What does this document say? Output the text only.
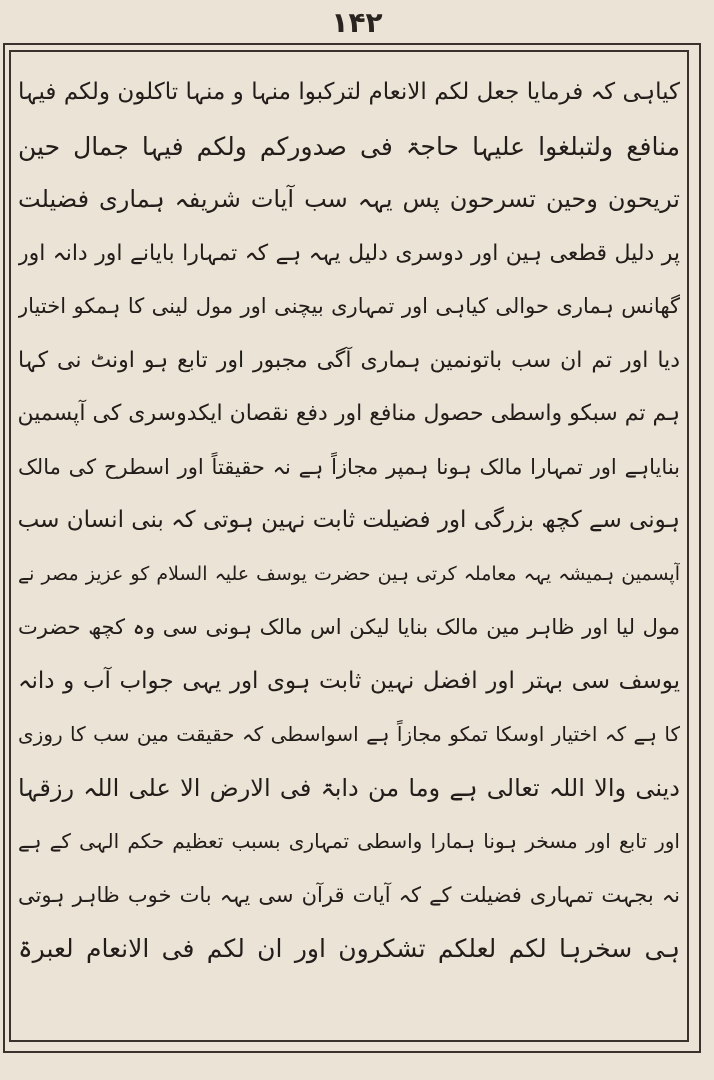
۱۴۲
کیاہی کہ فرمایا جعل لکم الانعام لترکبوا منہا و منہا تاکلون ولکم فیہا
منافع ولتبلغوا علیہا حاجۃ فی صدورکم ولکم فیہا جمال حین
تریحون وحین تسرحون پس یہہ سب آیات شریفہ ہماری فضیلت
پر دلیل قطعی ہین اور دوسری دلیل یہہ ہے کہ تمہارا بایانے اور دانہ اور
گھانس ہماری حوالی کیاہی اور تمہاری بیچنی اور مول لینی کا ہمکو اختیار
دیا اور تم ان سب باتونمین ہماری آگی مجبور اور تابع ہو اونٹ نی کہا
ہم تم سبکو واسطی حصول منافع اور دفع نقصان ایکدوسری کی آپسمین
بنایاہے اور تمہارا مالک ہونا ہمپر مجازاً ہے نہ حقیقتاً اور اسطرح کی مالک
ہونی سے کچھ بزرگی اور فضیلت ثابت نہین ہوتی کہ بنی انسان سب
آپسمین ہمیشہ یہہ معاملہ کرتی ہین حضرت یوسف علیہ السلام کو عزیز مصر نے
مول لیا اور ظاہر مین مالک بنایا لیکن اس مالک ہونی سی وہ کچھ حضرت
یوسف سی بہتر اور افضل نہین ثابت ہوی اور یہی جواب آب و دانہ
کا ہے کہ اختیار اوسکا تمکو مجازاً ہے اسواسطی کہ حقیقت مین سب کا روزی
دینی والا اللہ تعالی ہے وما من دابۃ فی الارض الا علی اللہ رزقہا
اور تابع اور مسخر ہونا ہمارا واسطی تمہاری بسبب تعظیم حکم الہی کے ہے
نہ بجہت تمہاری فضیلت کے کہ آیات قرآن سی یہہ بات خوب ظاہر ہوتی
ہی سخرہا لکم لعلکم تشکرون اور ان لکم فی الانعام لعبرۃ
